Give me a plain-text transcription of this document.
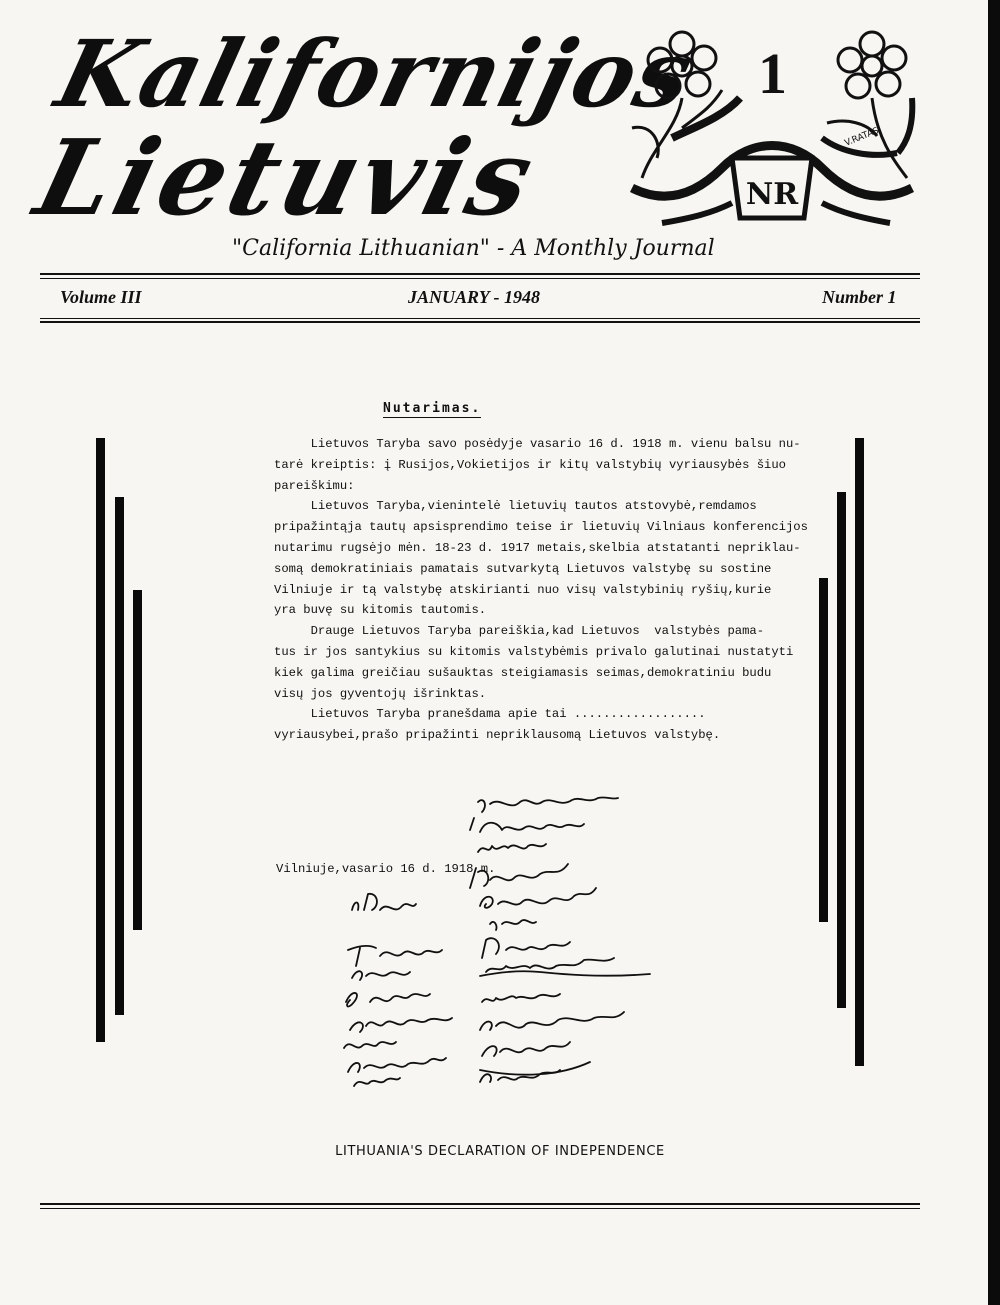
Kalifornijos
Lietuvis
1
NR
V.RATAS
"California Lithuanian" - A Monthly Journal
Volume III	JANUARY - 1948	Number 1
Nutarimas.
Lietuvos Taryba savo posėdyje vasario 16 d. 1918 m. vienu balsu nu-
tarė kreiptis: į Rusijos,Vokietijos ir kitų valstybių vyriausybės šiuo
pareiškimu:
Lietuvos Taryba,vienintelė lietuvių tautos atstovybė,remdamos
pripažintąja tautų apsisprendimo teise ir lietuvių Vilniaus konferencijos
nutarimu rugsėjo mėn. 18-23 d. 1917 metais,skelbia atstatanti nepriklau-
somą demokratiniais pamatais sutvarkytą Lietuvos valstybę su sostine
Vilniuje ir tą valstybę atskirianti nuo visų valstybinių ryšių,kurie
yra buvę su kitomis tautomis.
Drauge Lietuvos Taryba pareiškia,kad Lietuvos  valstybės pama-
tus ir jos santykius su kitomis valstybėmis privalo galutinai nustatyti
kiek galima greičiau sušauktas steigiamasis seimas,demokratiniu budu
visų jos gyventojų išrinktas.
Lietuvos Taryba pranešdama apie tai ..................
vyriausybei,prašo pripažinti nepriklausomą Lietuvos valstybę.
Vilniuje,vasario 16 d. 1918 m.
LITHUANIA'S DECLARATION OF INDEPENDENCE
